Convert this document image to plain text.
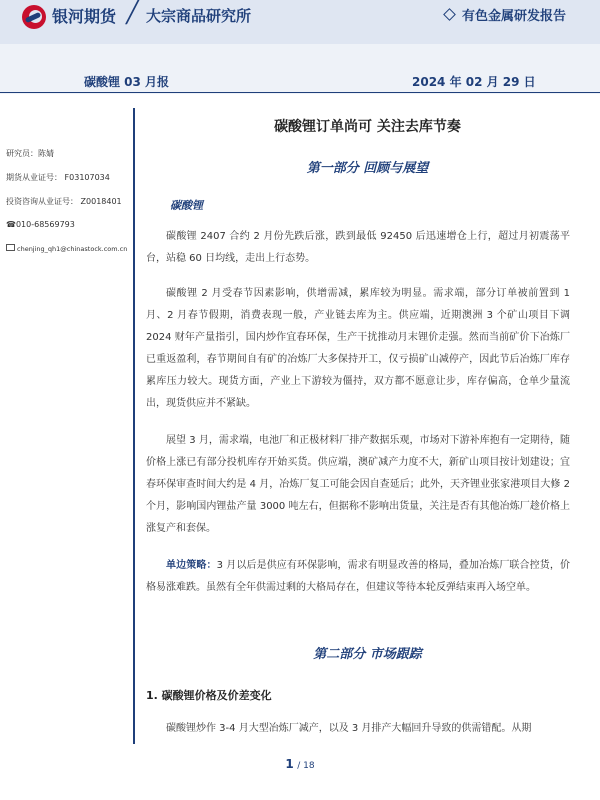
银河期货 ╱ 大宗商品研究所	有色金属研发报告
碳酸锂 03 月报	2024 年 02 月 29 日
研究员：陈婧
期货从业证号： F03107034
投资咨询从业证号： Z0018401
☎010-68569793
chenjing_qh1@chinastock.com.cn
碳酸锂订单尚可 关注去库节奏
第一部分 回顾与展望
碳酸锂
碳酸锂 2407 合约 2 月份先跌后涨，跌到最低 92450 后迅速增仓上行，超过月初震荡平台，站稳 60 日均线，走出上行态势。
碳酸锂 2 月受春节因素影响，供增需减，累库较为明显。需求端，部分订单被前置到 1 月、2 月春节假期，消费表现一般，产业链去库为主。供应端，近期澳洲 3 个矿山项目下调 2024 财年产量指引，国内炒作宜春环保，生产干扰推动月末锂价走强。然而当前矿价下冶炼厂已重返盈利，春节期间自有矿的冶炼厂大多保持开工，仅亏损矿山减停产，因此节后冶炼厂库存累库压力较大。现货方面，产业上下游较为僵持，双方都不愿意让步，库存偏高，仓单少量流出，现货供应并不紧缺。
展望 3 月，需求端，电池厂和正极材料厂排产数据乐观，市场对下游补库抱有一定期待，随价格上涨已有部分投机库存开始买货。供应端，澳矿减产力度不大，新矿山项目按计划建设；宜春环保审查时间大约是 4 月，冶炼厂复工可能会因自查延后；此外，天齐锂业张家港项目大修 2 个月，影响国内锂盐产量 3000 吨左右，但据称不影响出货量，关注是否有其他冶炼厂趁价格上涨复产和套保。
单边策略：3 月以后是供应有环保影响，需求有明显改善的格局，叠加冶炼厂联合控货，价格易涨难跌。虽然有全年供需过剩的大格局存在，但建议等待本轮反弹结束再入场空单。
第二部分 市场跟踪
1. 碳酸锂价格及价差变化
碳酸锂炒作 3-4 月大型冶炼厂减产，以及 3 月排产大幅回升导致的供需错配。从期
1 / 18
